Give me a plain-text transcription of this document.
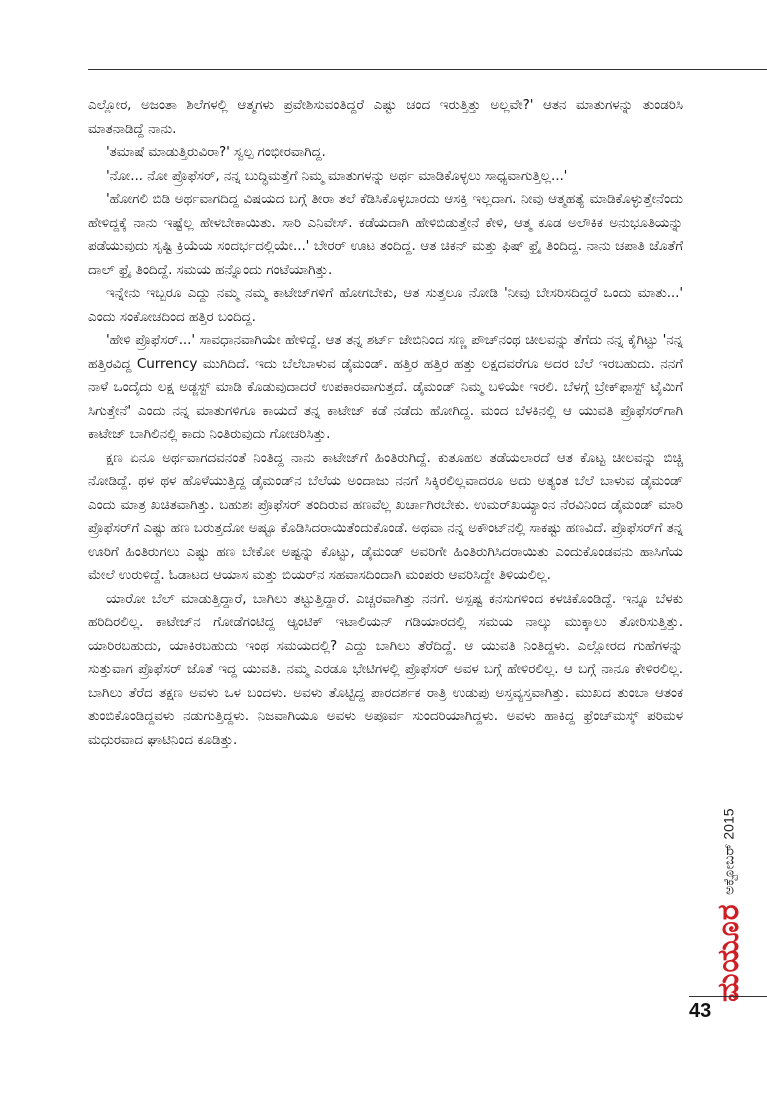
ಎಲ್ಲೋರ, ಅಜಂತಾ ಶಿಲೆಗಳಲ್ಲಿ ಆತ್ಮಗಳು ಪ್ರವೇಶಿಸುವಂತಿದ್ದರೆ ಎಷ್ಟು ಚಂದ ಇರುತ್ತಿತ್ತು ಅಲ್ಲವೇ?' ಆತನ ಮಾತುಗಳನ್ನು ತುಂಡರಿಸಿ ಮಾತನಾಡಿದ್ದೆ ನಾನು.

'ತಮಾಷೆ ಮಾಡುತ್ತಿರುವಿರಾ?' ಸ್ವಲ್ಪ ಗಂಭೀರವಾಗಿದ್ದ.

'ನೋ... ನೋ ಪ್ರೊಫೆಸರ್, ನನ್ನ ಬುದ್ಧಿಮತ್ತೆಗೆ ನಿಮ್ಮ ಮಾತುಗಳನ್ನು ಅರ್ಥ ಮಾಡಿಕೊಳ್ಳಲು ಸಾಧ್ಯವಾಗುತ್ತಿಲ್ಲ...'

'ಹೋಗಲಿ ಬಿಡಿ ಅರ್ಥವಾಗದಿದ್ದ ವಿಷಯದ ಬಗ್ಗೆ ತೀರಾ ತಲೆ ಕೆಡಿಸಿಕೊಳ್ಳಬಾರದು ಆಸಕ್ತಿ ಇಲ್ಲದಾಗ. ನೀವು ಆತ್ಮಹತ್ಯೆ ಮಾಡಿಕೊಳ್ಳುತ್ತೇನೆಂದು ಹೇಳಿದ್ದಕ್ಕೆ ನಾನು ಇಷ್ಟೆಲ್ಲ ಹೇಳಬೇಕಾಯಿತು. ಸಾರಿ ಎನಿವೇಸ್. ಕಡೆಯದಾಗಿ ಹೇಳಿಬಿಡುತ್ತೇನೆ ಕೇಳಿ, ಆತ್ಮ ಕೂಡ ಅಲೌಕಿಕ ಅನುಭೂತಿಯನ್ನು ಪಡೆಯುವುದು ಸೃಷ್ಟಿ ಕ್ರಿಯೆಯ ಸಂದರ್ಭದಲ್ಲಿಯೇ...' ಬೇರರ್ ಊಟ ತಂದಿದ್ದ. ಆತ ಚಿಕನ್ ಮತ್ತು ಫಿಷ್ ಫ್ರೈ ತಿಂದಿದ್ದ. ನಾನು ಚಪಾತಿ ಜೊತೆಗೆ ದಾಲ್ ಫ್ರೈ ತಿಂದಿದ್ದೆ. ಸಮಯ ಹನ್ನೊಂದು ಗಂಟೆಯಾಗಿತ್ತು.

ಇನ್ನೇನು ಇಬ್ಬರೂ ಎದ್ದು ನಮ್ಮ ನಮ್ಮ ಕಾಟೇಜ್‌ಗಳಿಗೆ ಹೋಗಬೇಕು, ಆತ ಸುತ್ತಲೂ ನೋಡಿ 'ನೀವು ಬೇಸರಿಸದಿದ್ದರೆ ಒಂದು ಮಾತು...' ಎಂದು ಸಂಕೋಚದಿಂದ ಹತ್ತಿರ ಬಂದಿದ್ದ.

'ಹೇಳಿ ಪ್ರೊಫೆಸರ್...' ಸಾವಧಾನವಾಗಿಯೇ ಹೇಳಿದ್ದೆ. ಆತ ತನ್ನ ಶರ್ಟ್ ಜೇಬಿನಿಂದ ಸಣ್ಣ ಪೌಚ್‌ನಂಥ ಚೀಲವನ್ನು ತೆಗೆದು ನನ್ನ ಕೈಗಿಟ್ಟು 'ನನ್ನ ಹತ್ತಿರವಿದ್ದ Currency ಮುಗಿದಿದೆ. ಇದು ಬೆಲೆಬಾಳುವ ಡೈಮಂಡ್. ಹತ್ತಿರ ಹತ್ತಿರ ಹತ್ತು ಲಕ್ಷದವರೆಗೂ ಅದರ ಬೆಲೆ ಇರಬಹುದು. ನನಗೆ ನಾಳೆ ಒಂದೈದು ಲಕ್ಷ ಅಡ್ಜಸ್ಟ್ ಮಾಡಿ ಕೊಡುವುದಾದರೆ ಉಪಕಾರವಾಗುತ್ತದೆ. ಡೈಮಂಡ್ ನಿಮ್ಮ ಬಳಿಯೇ ಇರಲಿ. ಬೆಳಗ್ಗೆ ಬ್ರೇಕ್‌ಫಾಸ್ಟ್ ಟೈಮಿಗೆ ಸಿಗುತ್ತೇನೆ' ಎಂದು ನನ್ನ ಮಾತುಗಳಿಗೂ ಕಾಯದೆ ತನ್ನ ಕಾಟೇಜ್ ಕಡೆ ನಡೆದು ಹೋಗಿದ್ದ. ಮಂದ ಬೆಳಕಿನಲ್ಲಿ ಆ ಯುವತಿ ಪ್ರೊಫೆಸರ್‌ಗಾಗಿ ಕಾಟೇಜ್ ಬಾಗಿಲಿನಲ್ಲಿ ಕಾದು ನಿಂತಿರುವುದು ಗೋಚರಿಸಿತ್ತು.

ಕ್ಷಣ ಏನೂ ಅರ್ಥವಾಗದವನಂತೆ ನಿಂತಿದ್ದ ನಾನು ಕಾಟೇಜ್‌ಗೆ ಹಿಂತಿರುಗಿದ್ದೆ. ಕುತೂಹಲ ತಡೆಯಲಾರದೆ ಆತ ಕೊಟ್ಟ ಚೀಲವನ್ನು ಬಿಚ್ಚಿ ನೋಡಿದ್ದೆ. ಥಳ ಥಳ ಹೊಳೆಯುತ್ತಿದ್ದ ಡೈಮಂಡ್‌ನ ಬೆಲೆಯ ಅಂದಾಜು ನನಗೆ ಸಿಕ್ಕಿರಲಿಲ್ಲವಾದರೂ ಅದು ಅತ್ಯಂತ ಬೆಲೆ ಬಾಳುವ ಡೈಮಂಡ್ ಎಂದು ಮಾತ್ರ ಖಚಿತವಾಗಿತ್ತು. ಬಹುಶಃ ಪ್ರೊಫೆಸರ್ ತಂದಿರುವ ಹಣವೆಲ್ಲ ಖರ್ಚಾಗಿರಬೇಕು. ಉಮರ್‌ಖಯ್ಯಾಂನ ನೆರವಿನಿಂದ ಡೈಮಂಡ್ ಮಾರಿ ಪ್ರೊಫೆಸರ್‌ಗೆ ಎಷ್ಟು ಹಣ ಬರುತ್ತದೋ ಅಷ್ಟೂ ಕೊಡಿಸಿದರಾಯಿತೆಂದುಕೊಂಡೆ. ಅಥವಾ ನನ್ನ ಅಕೌಂಟ್‌ನಲ್ಲಿ ಸಾಕಷ್ಟು ಹಣವಿದೆ. ಪ್ರೊಫೆಸರ್‌ಗೆ ತನ್ನ ಊರಿಗೆ ಹಿಂತಿರುಗಲು ಎಷ್ಟು ಹಣ ಬೇಕೋ ಅಷ್ಟನ್ನು ಕೊಟ್ಟು, ಡೈಮಂಡ್ ಅವರಿಗೇ ಹಿಂತಿರುಗಿಸಿದರಾಯಿತು ಎಂದುಕೊಂಡವನು ಹಾಸಿಗೆಯ ಮೇಲೆ ಉರುಳಿದ್ದೆ. ಓಡಾಟದ ಆಯಾಸ ಮತ್ತು ಬಿಯರ್‌ನ ಸಹವಾಸದಿಂದಾಗಿ ಮಂಪರು ಆವರಿಸಿದ್ದೇ ತಿಳಿಯಲಿಲ್ಲ.

ಯಾರೋ ಬೆಲ್ ಮಾಡುತ್ತಿದ್ದಾರೆ, ಬಾಗಿಲು ತಟ್ಟುತ್ತಿದ್ದಾರೆ. ಎಚ್ಚರವಾಗಿತ್ತು ನನಗೆ. ಅಸ್ಪಷ್ಟ ಕನಸುಗಳಿಂದ ಕಳಚಿಕೊಂಡಿದ್ದೆ. ಇನ್ನೂ ಬೆಳಕು ಹರಿದಿರಲಿಲ್ಲ. ಕಾಟೇಜ್‌ನ ಗೋಡೆಗಂಟಿದ್ದ ಆ್ಯಂಟಿಕ್ ಇಟಾಲಿಯನ್ ಗಡಿಯಾರದಲ್ಲಿ ಸಮಯ ನಾಲ್ಕು ಮುಕ್ಕಾಲು ತೋರಿಸುತ್ತಿತ್ತು. ಯಾರಿರಬಹುದು, ಯಾಕಿರಬಹುದು ಇಂಥ ಸಮಯದಲ್ಲಿ? ಎದ್ದು ಬಾಗಿಲು ತೆರೆದಿದ್ದೆ. ಆ ಯುವತಿ ನಿಂತಿದ್ದಳು. ಎಲ್ಲೋರದ ಗುಹೆಗಳನ್ನು ಸುತ್ತುವಾಗ ಪ್ರೊಫೆಸರ್ ಜೊತೆ ಇದ್ದ ಯುವತಿ. ನಮ್ಮ ಎರಡೂ ಭೇಟಿಗಳಲ್ಲಿ ಪ್ರೊಫೆಸರ್ ಅವಳ ಬಗ್ಗೆ ಹೇಳಿರಲಿಲ್ಲ. ಆ ಬಗ್ಗೆ ನಾನೂ ಕೇಳಿರಲಿಲ್ಲ. ಬಾಗಿಲು ತೆರೆದ ತಕ್ಷಣ ಅವಳು ಒಳ ಬಂದಳು. ಅವಳು ತೊಟ್ಟಿದ್ದ ಪಾರದರ್ಶಕ ರಾತ್ರಿ ಉಡುಪು ಅಸ್ತವ್ಯಸ್ತವಾಗಿತ್ತು. ಮುಖದ ತುಂಬಾ ಆತಂಕ ತುಂಬಿಕೊಂಡಿದ್ದವಳು ನಡುಗುತ್ತಿದ್ದಳು. ನಿಜವಾಗಿಯೂ ಅವಳು ಅಪೂರ್ವ ಸುಂದರಿಯಾಗಿದ್ದಳು. ಅವಳು ಹಾಕಿದ್ದ ಫ್ರೆಂಚ್‌ಮಸ್ಕ್ ಪರಿಮಳ ಮಧುರವಾದ ಘಾಟಿನಿಂದ ಕೂಡಿತ್ತು.

ಮಯೂರ
ಅಕ್ಟೋಬರ್ 2015
43
